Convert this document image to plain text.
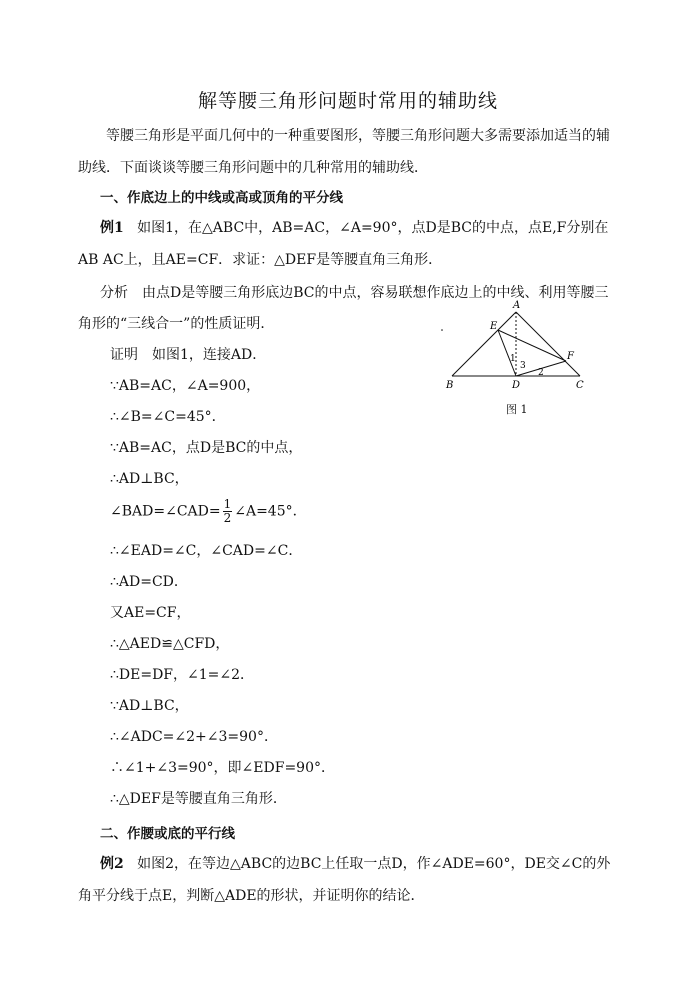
解等腰三角形问题时常用的辅助线
等腰三角形是平面几何中的一种重要图形，等腰三角形问题大多需要添加适当的辅助线．下面谈谈等腰三角形问题中的几种常用的辅助线．
一、作底边上的中线或高或顶角的平分线
例1 如图1，在△ABC中，AB=AC，∠A=90°，点D是BC的中点，点E,F分别在
AB AC上，且AE=CF．求证：△DEF是等腰直角三角形．
分析　由点D是等腰三角形底边BC的中点，容易联想作底边上的中线、利用等腰三
角形的“三线合一”的性质证明．
证明　如图1，连接AD．
∵AB=AC，∠A=900，
∴∠B=∠C=45°．
∵AB=AC，点D是BC的中点，
∴AD⊥BC，
∠BAD=∠CAD= $\frac{1}{2}$ ∠A=45°．
∴∠EAD=∠C，∠CAD=∠C．
∴AD=CD．
又AE=CF，
∴△AED≌△CFD，
∴DE=DF，∠1=∠2．
∵AD⊥BC，
∴∠ADC=∠2+∠3=90°．
∴∠1+∠3=90°，即∠EDF=90°．
∴△DEF是等腰直角三角形．
二、作腰或底的平行线
例2 如图2，在等边△ABC的边BC上任取一点D，作∠ADE=60°，DE交∠C的外
角平分线于点E，判断△ADE的形状，并证明你的结论．
A
B	C
D
E
F
1
2
3
图 1
